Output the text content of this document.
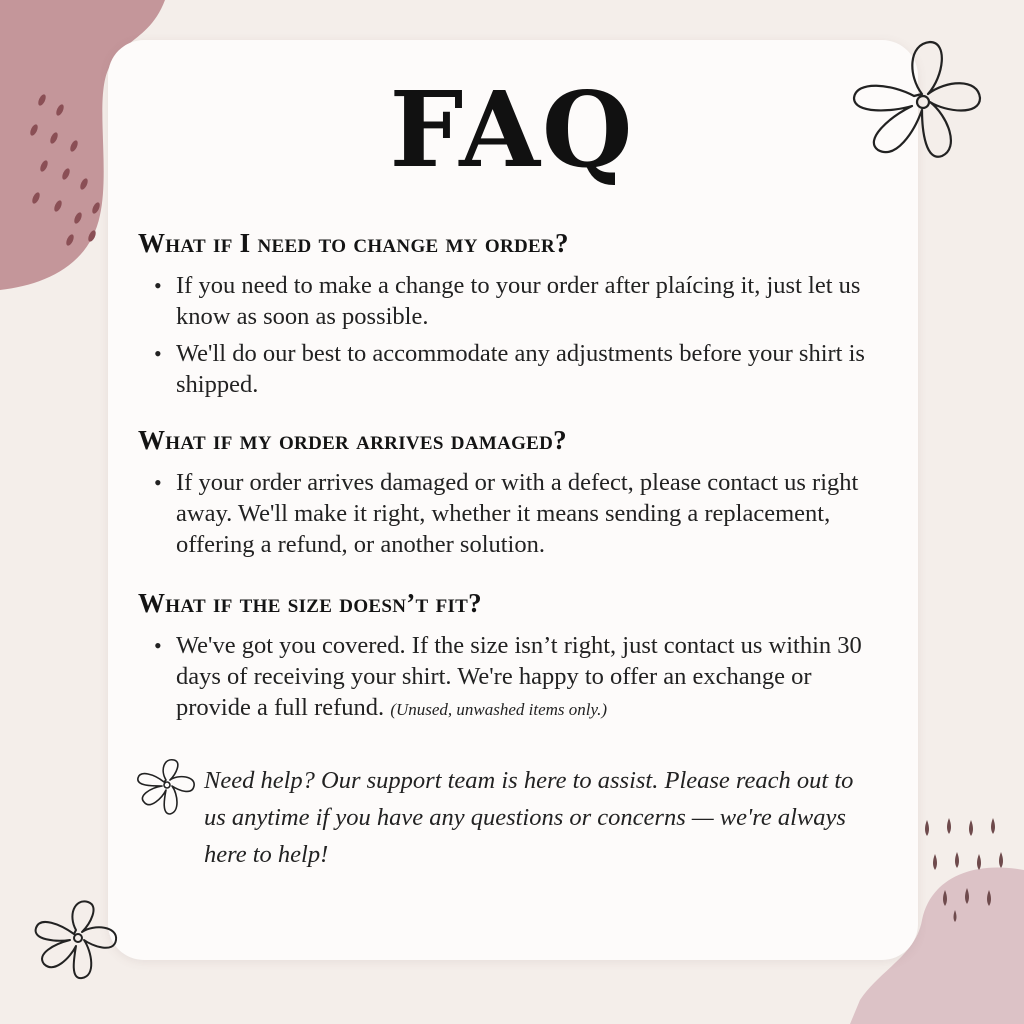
FAQ
What if I need to change my order?
• If you need to make a change to your order after plaícing it, just let us know as soon as possible.
• We'll do our best to accommodate any adjustments before your shirt is shipped.
What if my order arrives damaged?
• If your order arrives damaged or with a defect, please contact us right away. We'll make it right, whether it means sending a replacement, offering a refund, or another solution.
What if the size doesn’t fit?
• We've got you covered. If the size isn’t right, just contact us within 30 days of receiving your shirt. We're happy to offer an exchange or provide a full refund. (Unused, unwashed items only.)

Need help? Our support team is here to assist. Please reach out to us anytime if you have any questions or concerns — we're always here to help!
